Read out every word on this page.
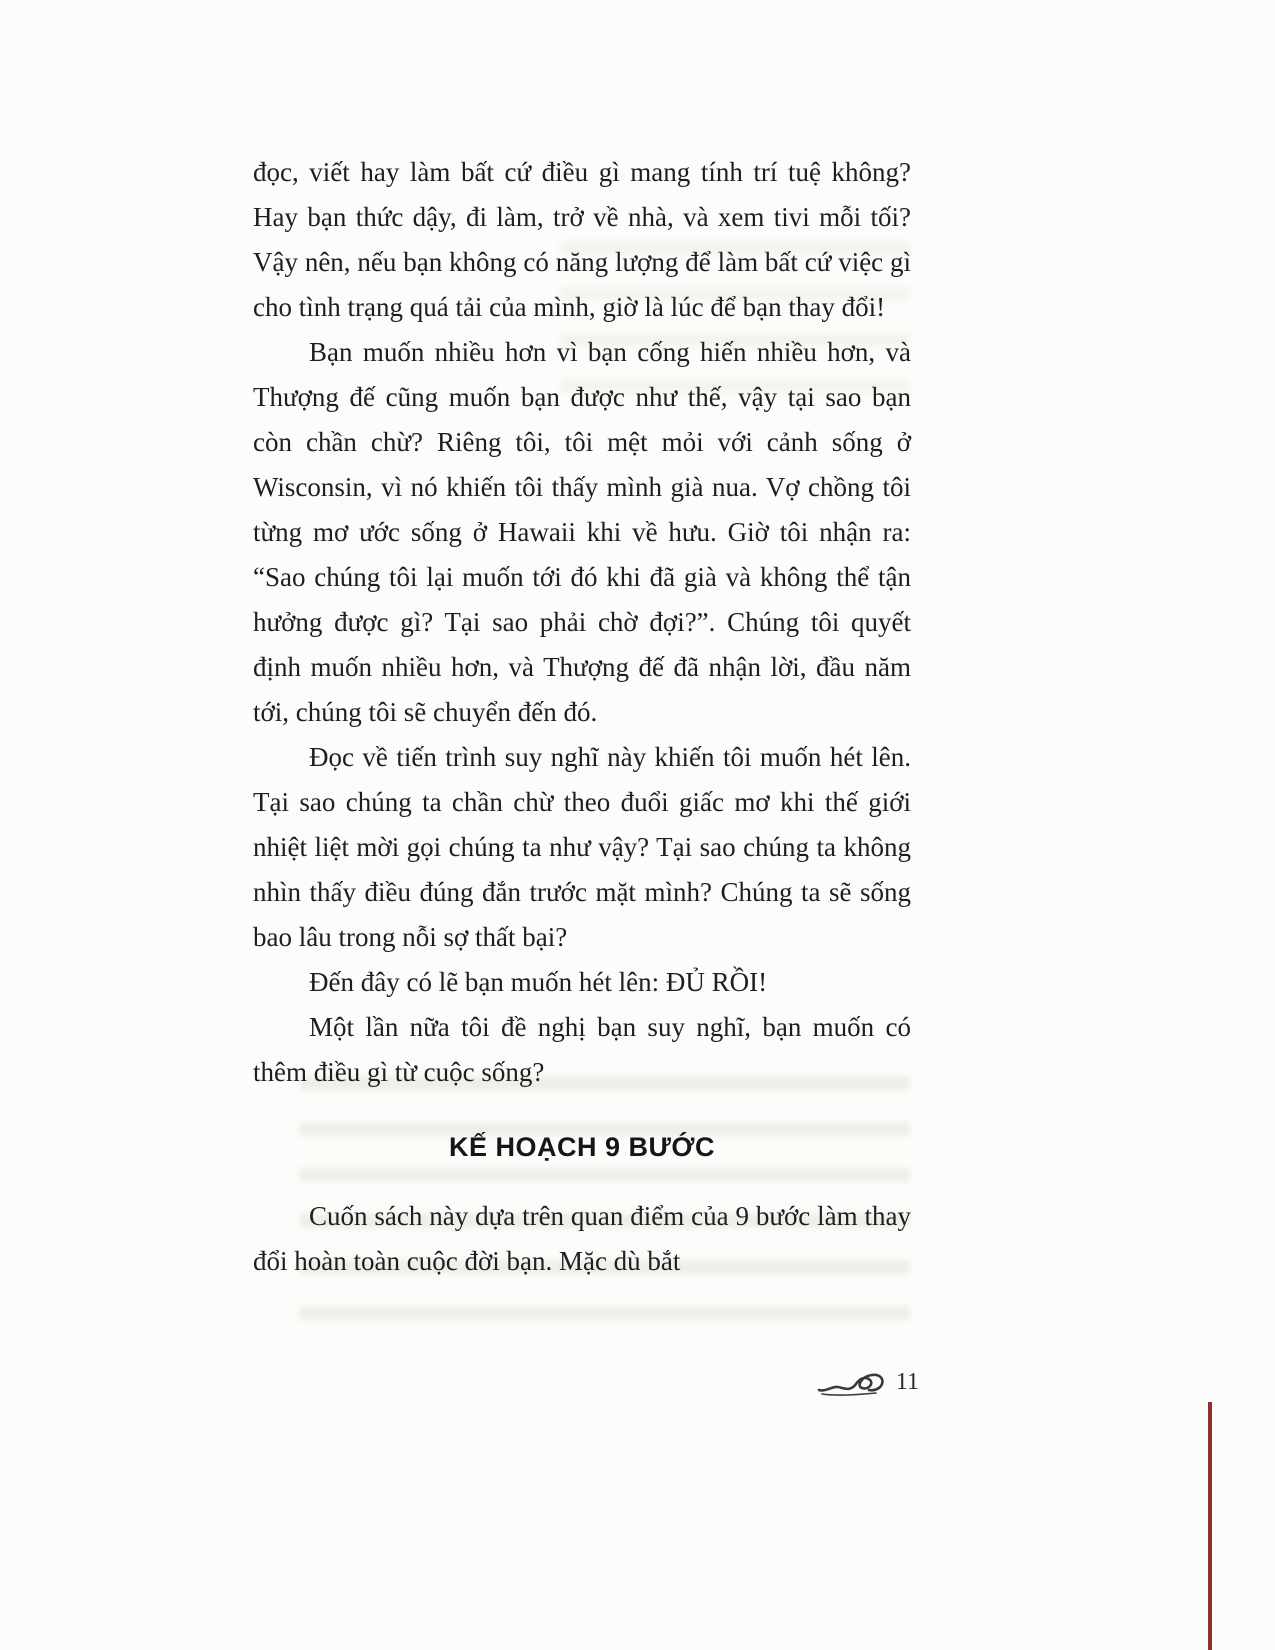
đọc, viết hay làm bất cứ điều gì mang tính trí tuệ không? Hay bạn thức dậy, đi làm, trở về nhà, và xem tivi mỗi tối? Vậy nên, nếu bạn không có năng lượng để làm bất cứ việc gì cho tình trạng quá tải của mình, giờ là lúc để bạn thay đổi!

Bạn muốn nhiều hơn vì bạn cống hiến nhiều hơn, và Thượng đế cũng muốn bạn được như thế, vậy tại sao bạn còn chần chừ? Riêng tôi, tôi mệt mỏi với cảnh sống ở Wisconsin, vì nó khiến tôi thấy mình già nua. Vợ chồng tôi từng mơ ước sống ở Hawaii khi về hưu. Giờ tôi nhận ra: “Sao chúng tôi lại muốn tới đó khi đã già và không thể tận hưởng được gì? Tại sao phải chờ đợi?”. Chúng tôi quyết định muốn nhiều hơn, và Thượng đế đã nhận lời, đầu năm tới, chúng tôi sẽ chuyển đến đó.

Đọc về tiến trình suy nghĩ này khiến tôi muốn hét lên. Tại sao chúng ta chần chừ theo đuổi giấc mơ khi thế giới nhiệt liệt mời gọi chúng ta như vậy? Tại sao chúng ta không nhìn thấy điều đúng đắn trước mặt mình? Chúng ta sẽ sống bao lâu trong nỗi sợ thất bại?

Đến đây có lẽ bạn muốn hét lên: ĐỦ RỒI!

Một lần nữa tôi đề nghị bạn suy nghĩ, bạn muốn có thêm điều gì từ cuộc sống?

KẾ HOẠCH 9 BƯỚC

Cuốn sách này dựa trên quan điểm của 9 bước làm thay đổi hoàn toàn cuộc đời bạn. Mặc dù bắt

11
